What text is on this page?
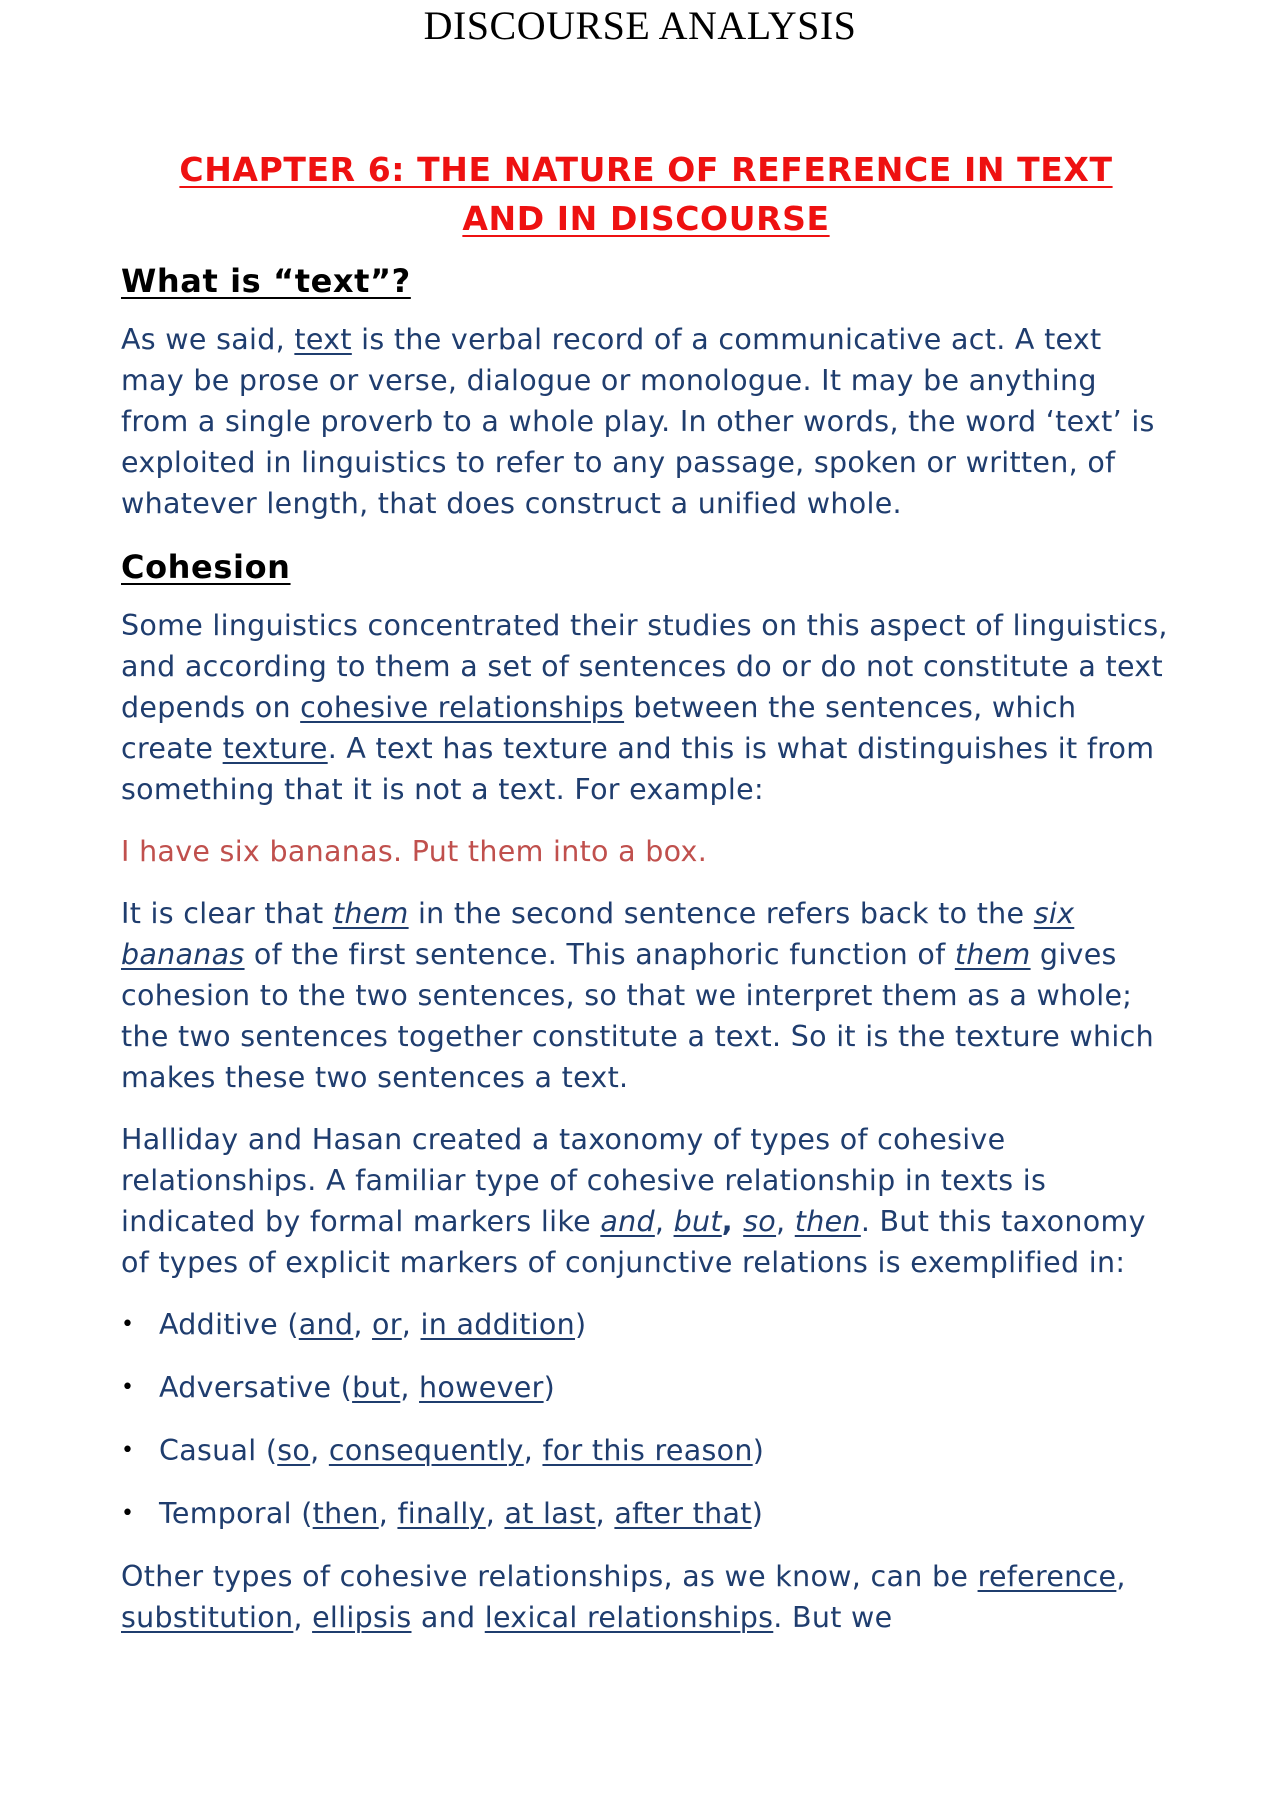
DISCOURSE ANALYSIS
CHAPTER 6: THE NATURE OF REFERENCE IN TEXT
AND IN DISCOURSE
What is “text”?

As we said, text is the verbal record of a communicative act. A text may be prose or verse, dialogue or monologue. It may be anything from a single proverb to a whole play. In other words, the word ‘text’ is exploited in linguistics to refer to any passage, spoken or written, of whatever length, that does construct a unified whole.

Cohesion

Some linguistics concentrated their studies on this aspect of linguistics, and according to them a set of sentences do or do not constitute a text depends on cohesive relationships between the sentences, which create texture. A text has texture and this is what distinguishes it from something that it is not a text. For example:

I have six bananas. Put them into a box.

It is clear that them in the second sentence refers back to the six bananas of the first sentence. This anaphoric function of them gives cohesion to the two sentences, so that we interpret them as a whole; the two sentences together constitute a text. So it is the texture which makes these two sentences a text.

Halliday and Hasan created a taxonomy of types of cohesive relationships. A familiar type of cohesive relationship in texts is indicated by formal markers like and, but, so, then. But this taxonomy of types of explicit markers of conjunctive relations is exemplified in:

• Additive (and, or, in addition)
• Adversative (but, however)
• Casual (so, consequently, for this reason)
• Temporal (then, finally, at last, after that)

Other types of cohesive relationships, as we know, can be reference, substitution, ellipsis and lexical relationships. But we
